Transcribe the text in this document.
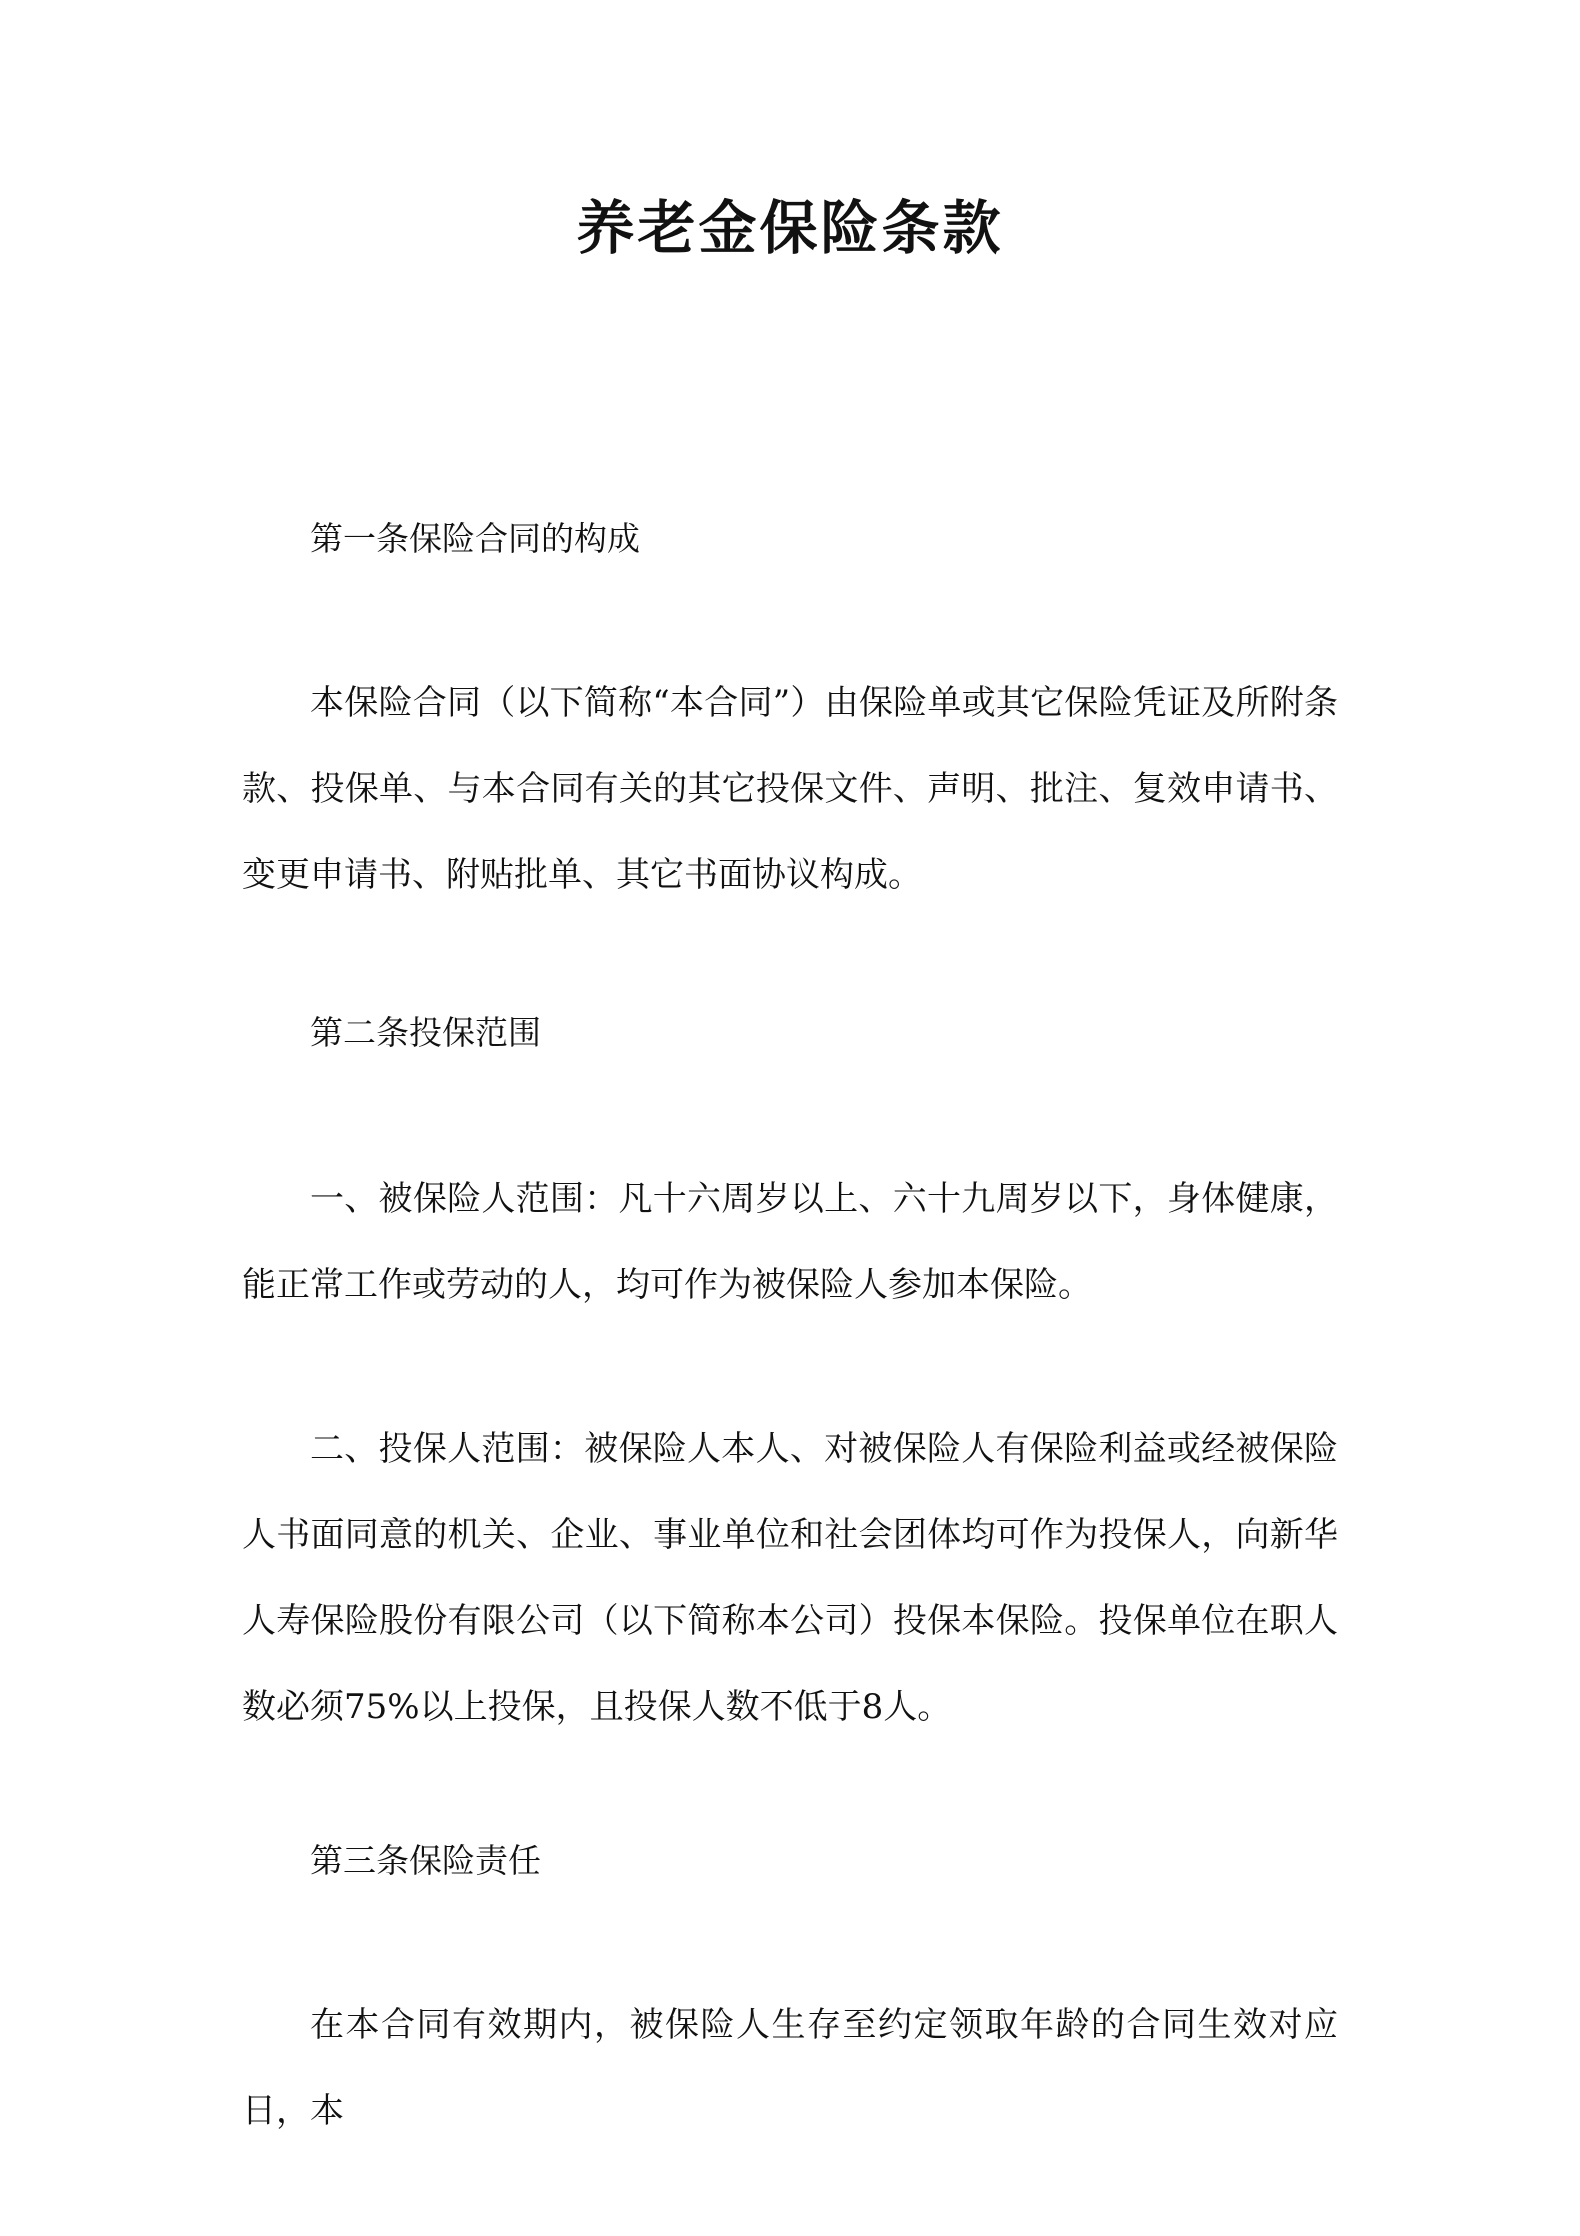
养老金保险条款

第一条保险合同的构成

本保险合同（以下简称“本合同”）由保险单或其它保险凭证及所附条款、投保单、与本合同有关的其它投保文件、声明、批注、复效申请书、变更申请书、附贴批单、其它书面协议构成。

第二条投保范围

一、被保险人范围：凡十六周岁以上、六十九周岁以下，身体健康，能正常工作或劳动的人，均可作为被保险人参加本保险。

二、投保人范围：被保险人本人、对被保险人有保险利益或经被保险人书面同意的机关、企业、事业单位和社会团体均可作为投保人，向新华人寿保险股份有限公司（以下简称本公司）投保本保险。投保单位在职人数必须75%以上投保，且投保人数不低于8人。

第三条保险责任

在本合同有效期内，被保险人生存至约定领取年龄的合同生效对应日，本
